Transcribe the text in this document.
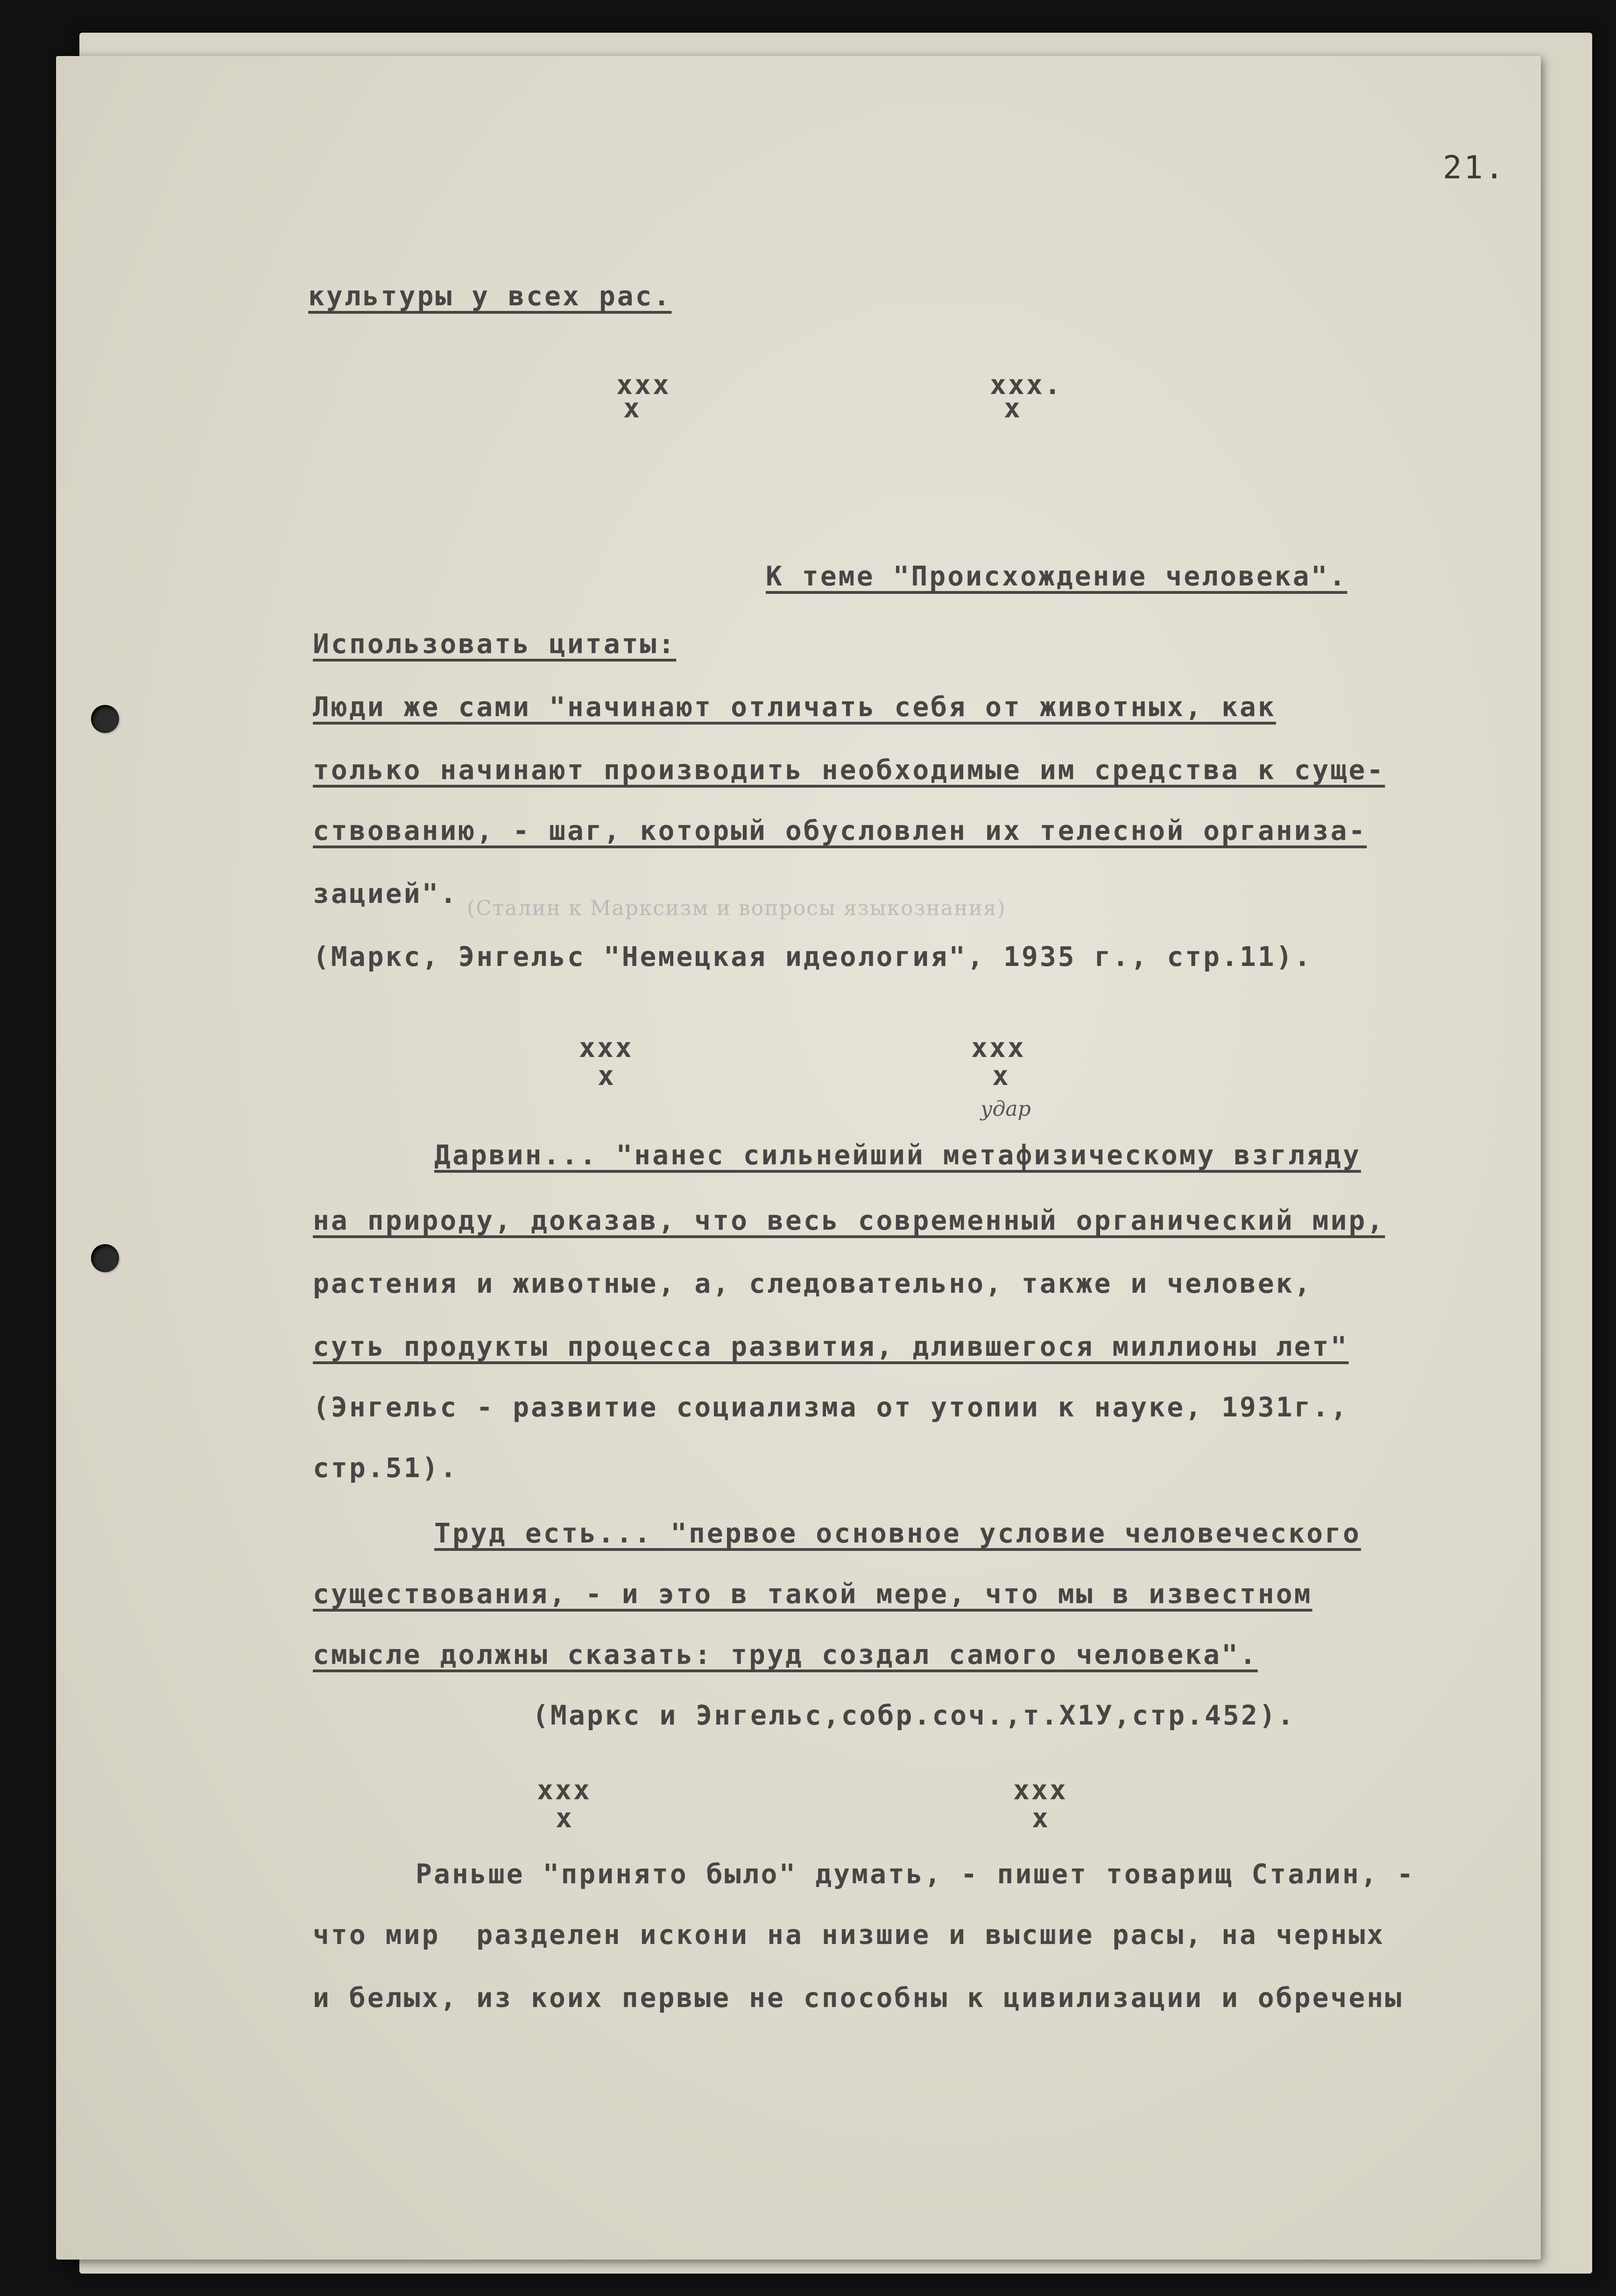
(Сталин к Марксизм и вопросы языкознания)
21.
культуры у всех рас.
xxx
x
xxx.
x
К теме "Происхождение человека".
Использовать цитаты:
Люди же сами "начинают отличать себя от животных, как
только начинают производить необходимые им средства к суще-
ствованию, - шаг, который обусловлен их телесной организа-
зацией".
(Маркс, Энгельс "Немецкая идеология", 1935 г., стр.11).
xxx
x
xxx
x
удар
Дарвин... "нанес сильнейший метафизическому взгляду
на природу, доказав, что весь современный органический мир,
растения и животные, а, следовательно, также и человек,
суть продукты процесса развития, длившегося миллионы лет"
(Энгельс - развитие социализма от утопии к науке, 1931г.,
стр.51).
Труд есть... "первое основное условие человеческого
существования, - и это в такой мере, что мы в известном
смысле должны сказать: труд создал самого человека".
(Маркс и Энгельс,собр.соч.,т.Х1У,стр.452).
xxx
x
xxx
x
Раньше "принято было" думать, - пишет товарищ Сталин, -
что мир  разделен искони на низшие и высшие расы, на черных
и белых, из коих первые не способны к цивилизации и обречены
